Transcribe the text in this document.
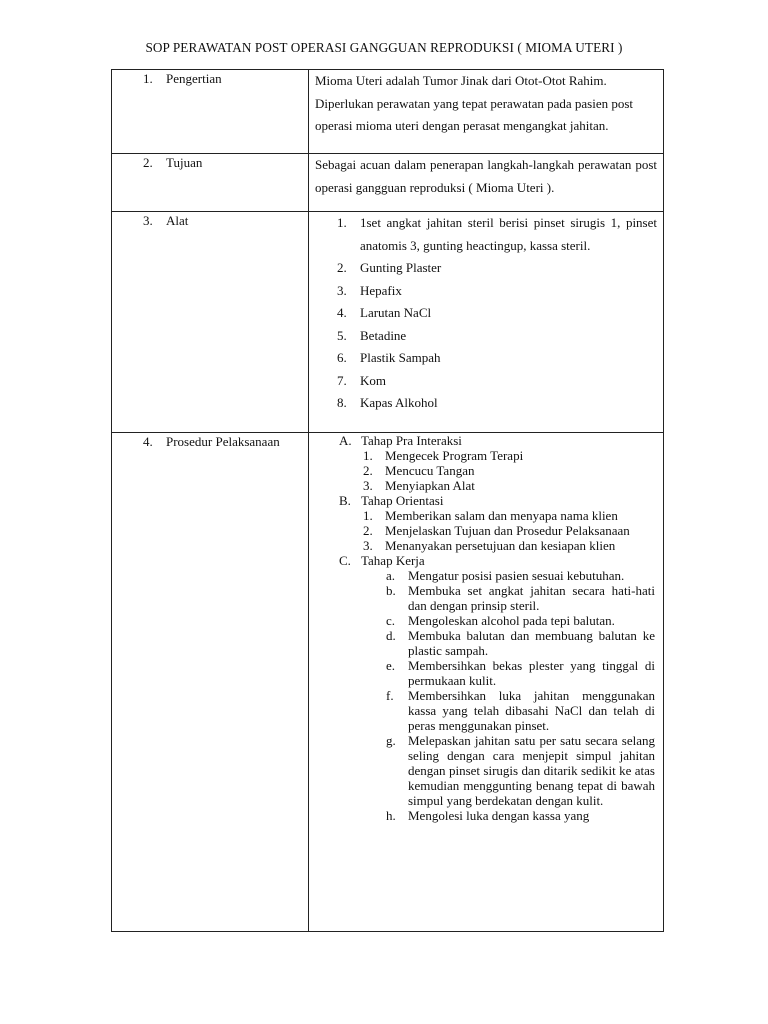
SOP PERAWATAN POST OPERASI GANGGUAN REPRODUKSI ( MIOMA UTERI )
1. Pengertian	Mioma Uteri adalah Tumor Jinak dari Otot-Otot Rahim. Diperlukan perawatan yang tepat perawatan pada pasien post operasi mioma uteri dengan perasat mengangkat jahitan.

2. Tujuan	Sebagai acuan dalam penerapan langkah-langkah perawatan post operasi gangguan reproduksi ( Mioma Uteri ).

3. Alat	1.	1set angkat jahitan steril berisi pinset sirugis 1, pinset anatomis 3, gunting heactingup, kassa steril.
2.	Gunting Plaster
3.	Hepafix
4.	Larutan NaCl
5.	Betadine
6.	Plastik Sampah
7.	Kom
8.	Kapas Alkohol
4. Prosedur Pelaksanaan	A. Tahap Pra Interaksi
1. Mengecek Program Terapi
2. Mencucu Tangan
3. Menyiapkan Alat
B. Tahap Orientasi
1. Memberikan salam dan menyapa nama klien
2. Menjelaskan Tujuan dan Prosedur Pelaksanaan
3. Menanyakan persetujuan dan kesiapan klien
C. Tahap Kerja
a. Mengatur posisi pasien sesuai kebutuhan.
b. Membuka set angkat jahitan secara hati-hati dan dengan prinsip steril.
c. Mengoleskan alcohol pada tepi balutan.
d. Membuka balutan dan membuang balutan ke plastic sampah.
e. Membersihkan bekas plester yang tinggal di permukaan kulit.
f.	Membersihkan luka jahitan menggunakan kassa yang telah dibasahi NaCl dan telah di peras menggunakan pinset.
g. Melepaskan jahitan satu per satu secara selang seling dengan cara menjepit simpul jahitan dengan pinset sirugis dan ditarik sedikit ke atas kemudian menggunting benang tepat di bawah simpul yang berdekatan dengan kulit.
h. Mengolesi luka dengan kassa yang
